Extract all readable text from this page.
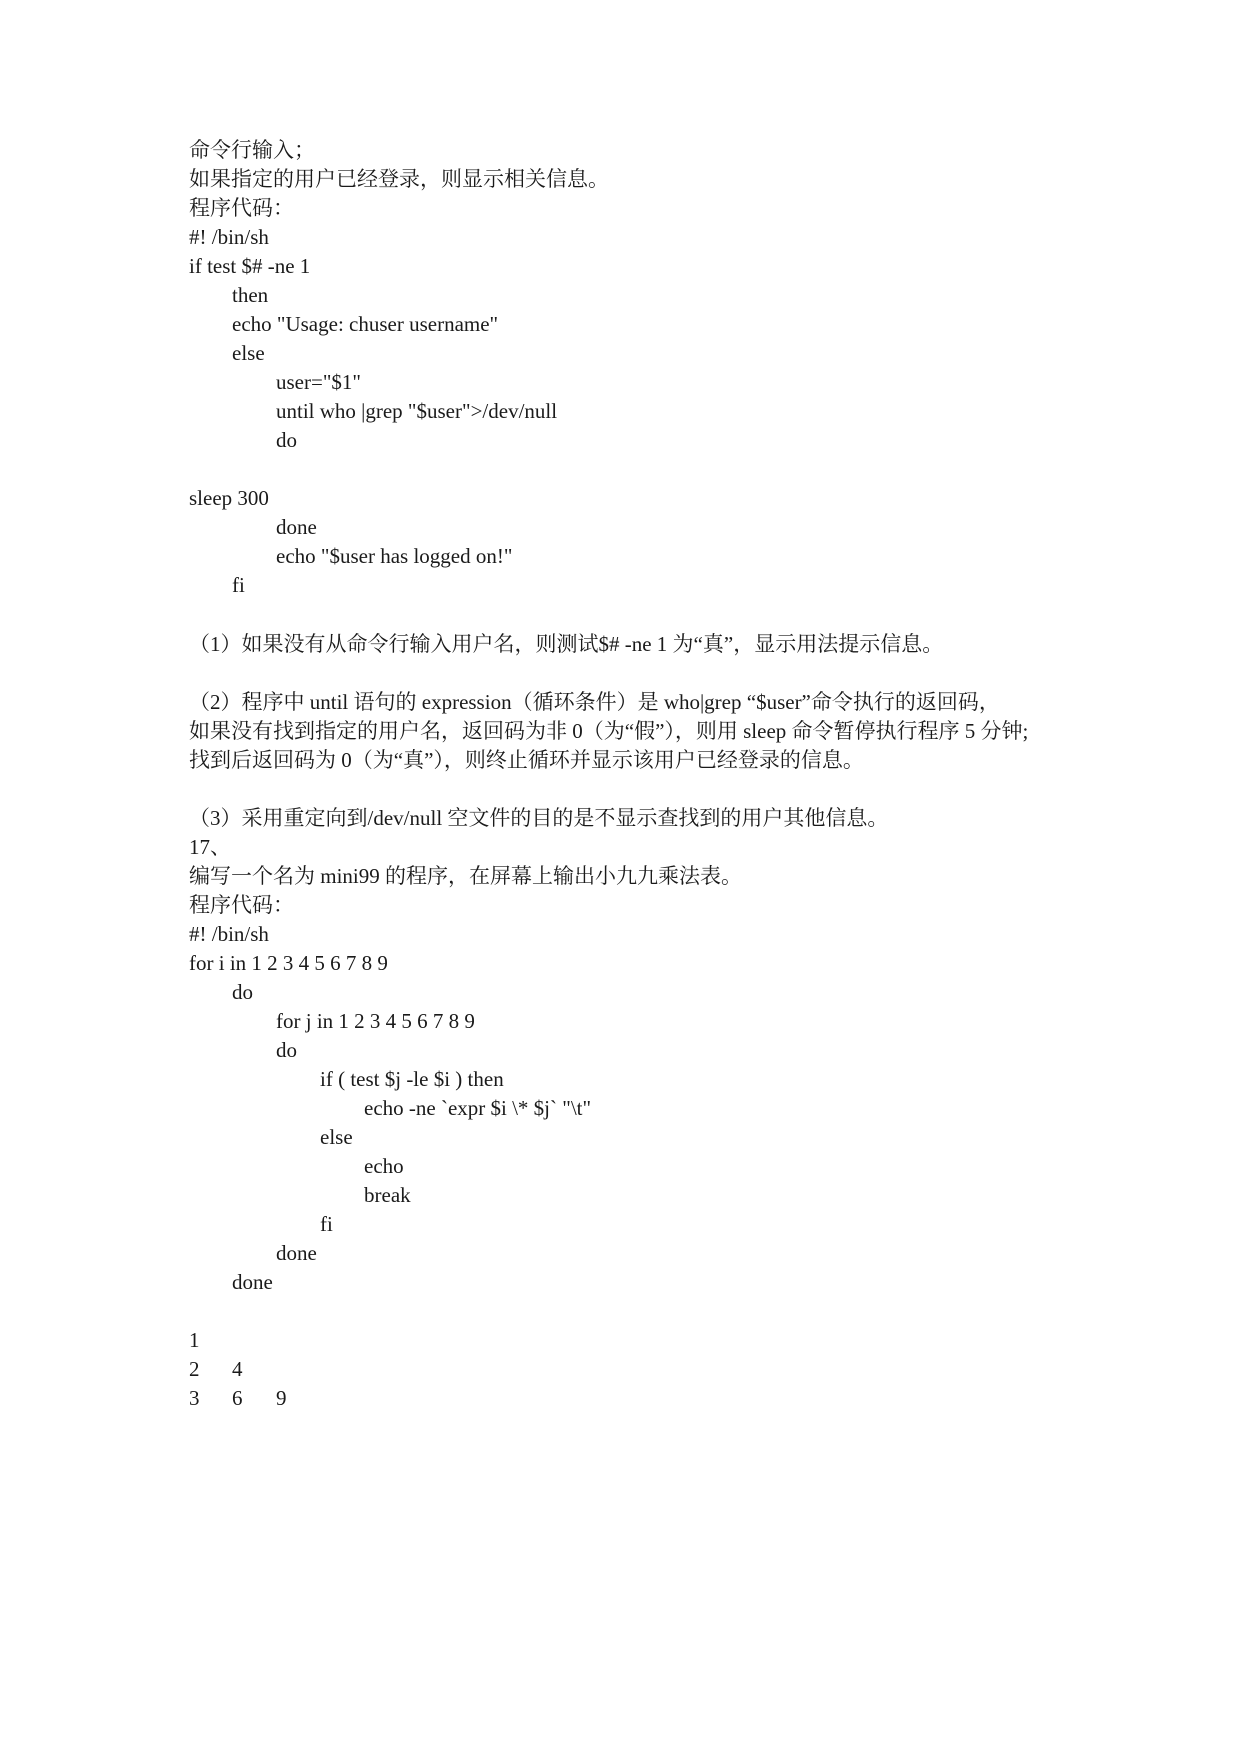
命令行输入；
如果指定的用户已经登录，则显示相关信息。
程序代码：
#! /bin/sh
if test $# -ne 1
then
echo "Usage: chuser username"
else
user="$1"
until who |grep "$user">/dev/null
do
sleep 300
done
echo "$user has logged on!"
fi
（1）如果没有从命令行输入用户名，则测试$# -ne 1 为“真”，显示用法提示信息。
（2）程序中 until 语句的 expression（循环条件）是 who|grep “$user”命令执行的返回码，
如果没有找到指定的用户名，返回码为非 0（为“假”），则用 sleep 命令暂停执行程序 5 分钟;
找到后返回码为 0（为“真”），则终止循环并显示该用户已经登录的信息。
（3）采用重定向到/dev/null 空文件的目的是不显示查找到的用户其他信息。
17、
编写一个名为 mini99 的程序，在屏幕上输出小九九乘法表。
程序代码：
#! /bin/sh
for i in 1 2 3 4 5 6 7 8 9
do
for j in 1 2 3 4 5 6 7 8 9
do
if ( test $j -le $i ) then
echo -ne `expr $i \* $j` "\t"
else
echo
break
fi
done
done
1
2 4
3 6 9
